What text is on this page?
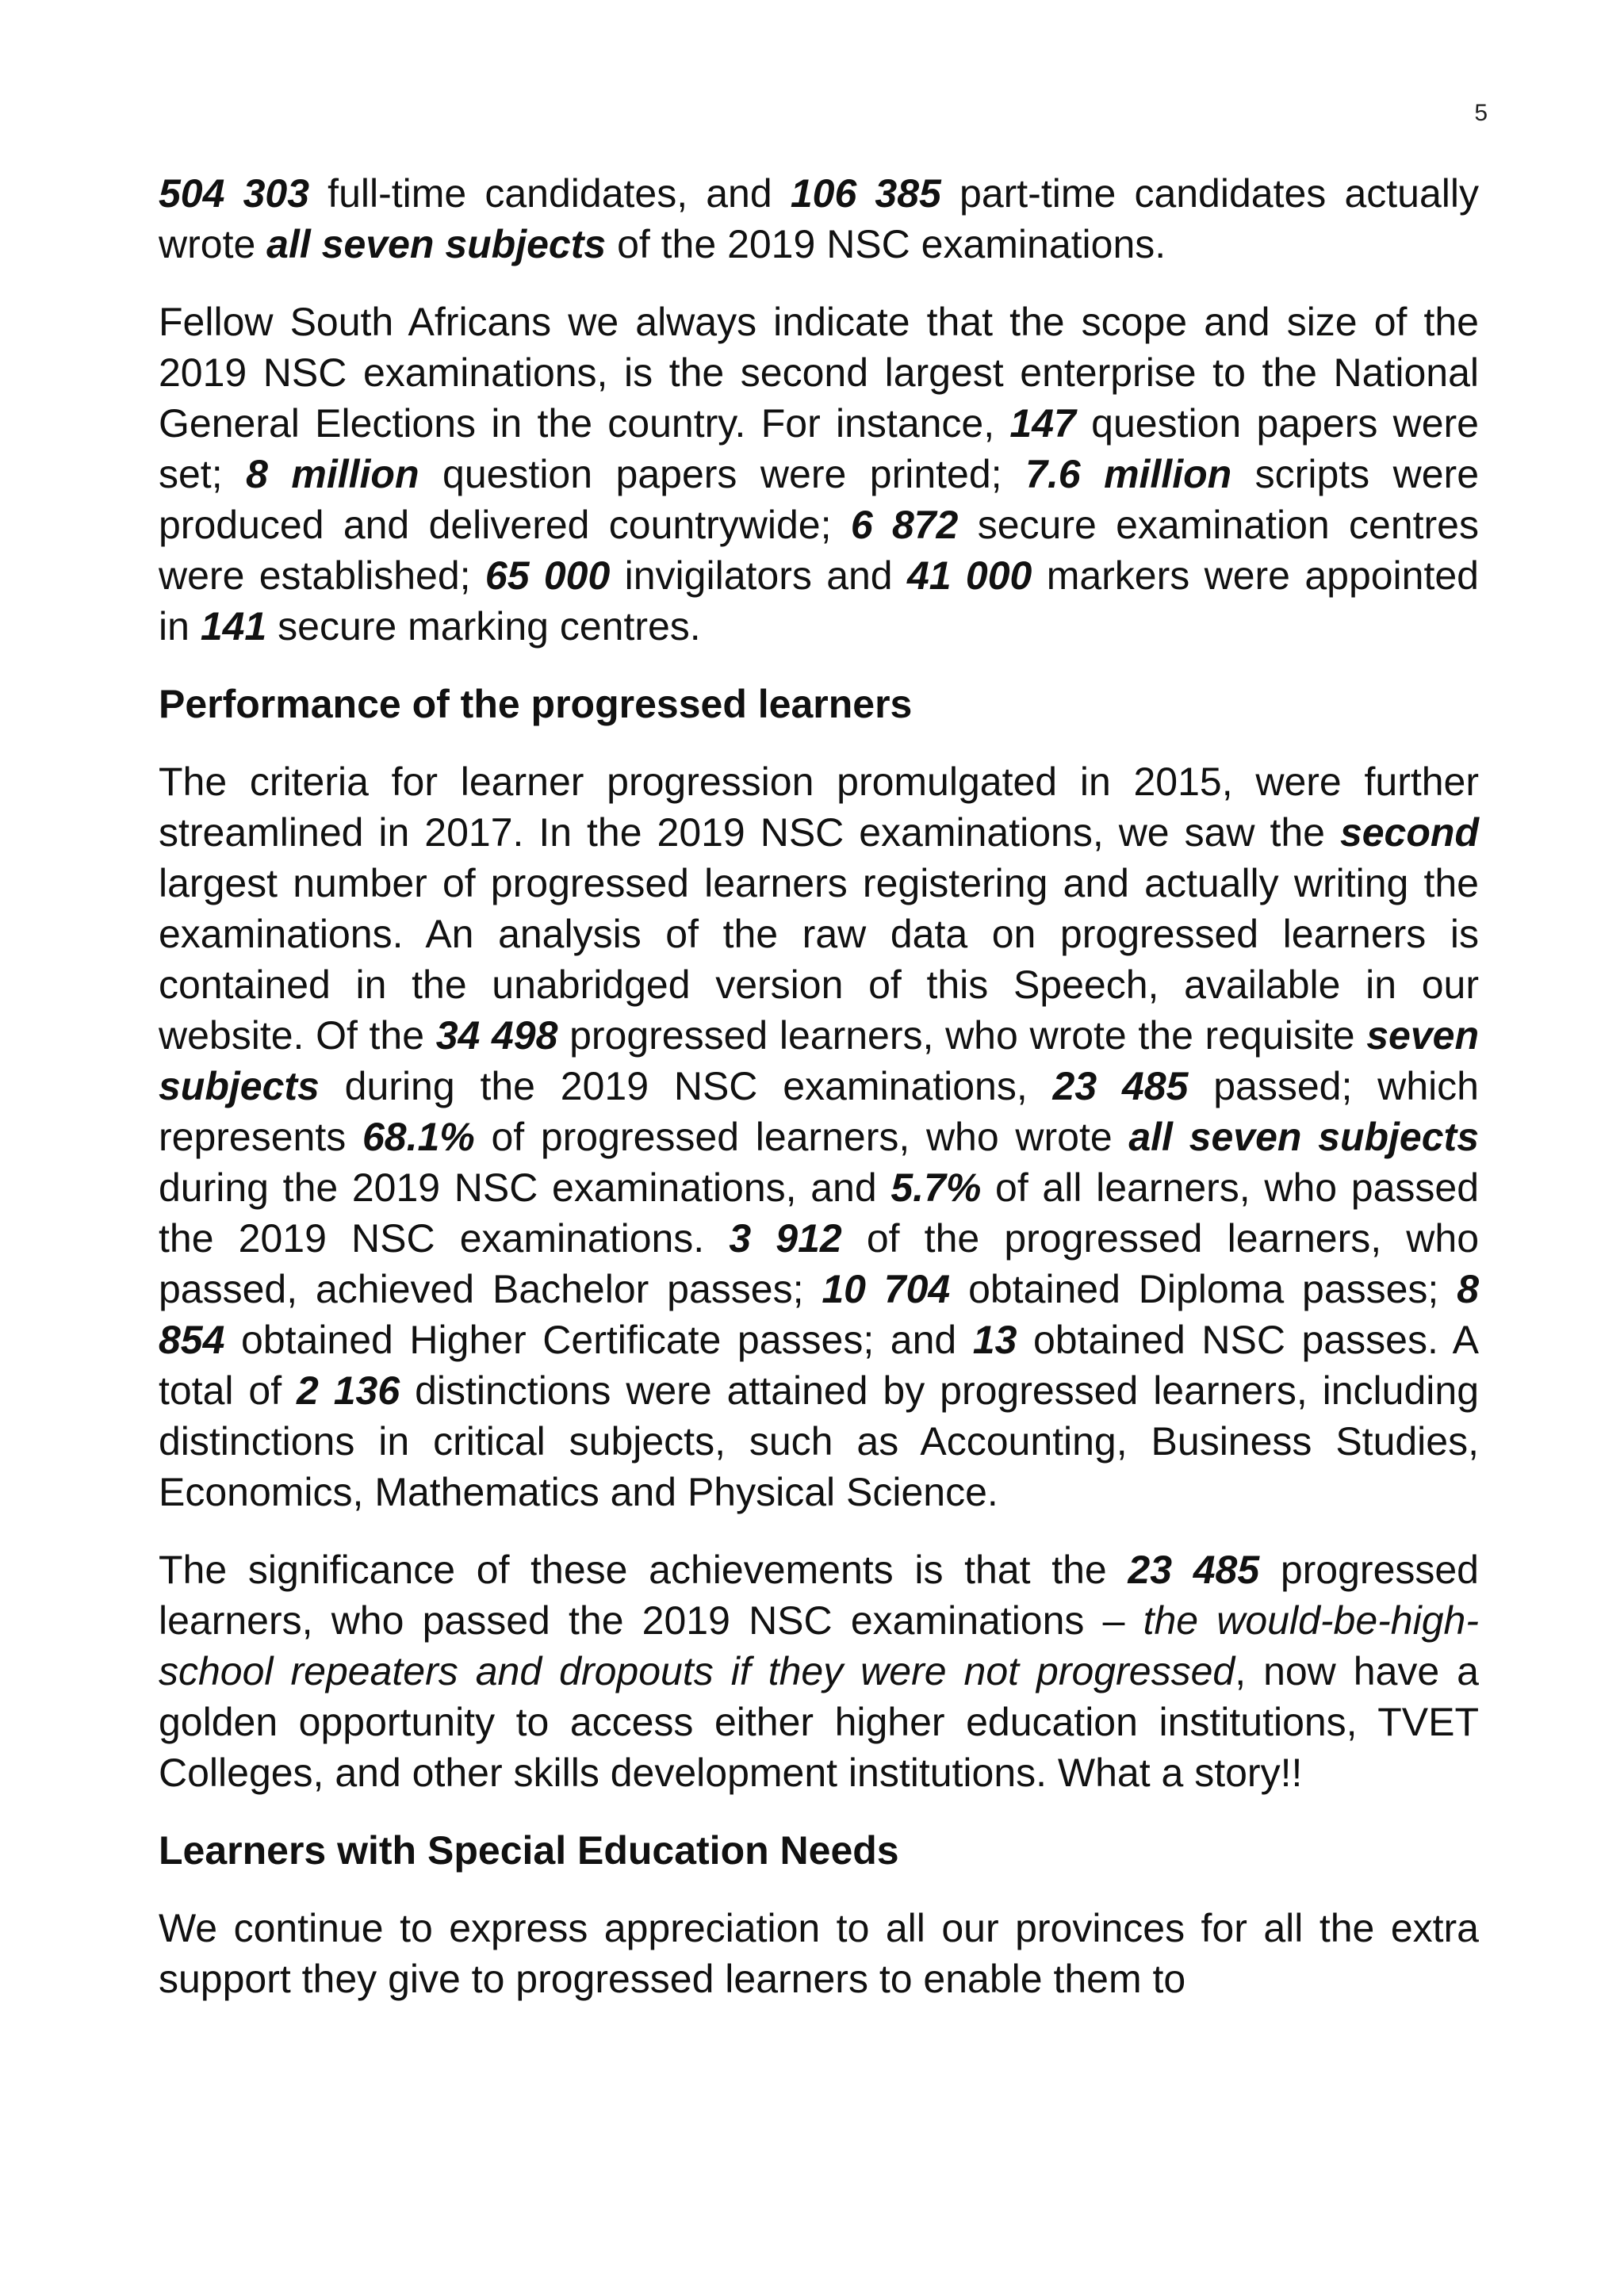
5

504 303 full-time candidates, and 106 385 part-time candidates actually wrote all seven subjects of the 2019 NSC examinations.

Fellow South Africans we always indicate that the scope and size of the 2019 NSC examinations, is the second largest enterprise to the National General Elections in the country. For instance, 147 question papers were set; 8 million question papers were printed; 7.6 million scripts were produced and delivered countrywide; 6 872 secure examination centres were established; 65 000 invigilators and 41 000 markers were appointed in 141 secure marking centres.

Performance of the progressed learners

The criteria for learner progression promulgated in 2015, were further streamlined in 2017. In the 2019 NSC examinations, we saw the second largest number of progressed learners registering and actually writing the examinations. An analysis of the raw data on progressed learners is contained in the unabridged version of this Speech, available in our website. Of the 34 498 progressed learners, who wrote the requisite seven subjects during the 2019 NSC examinations, 23 485 passed; which represents 68.1% of progressed learners, who wrote all seven subjects during the 2019 NSC examinations, and 5.7% of all learners, who passed the 2019 NSC examinations. 3 912 of the progressed learners, who passed, achieved Bachelor passes; 10 704 obtained Diploma passes; 8 854 obtained Higher Certificate passes; and 13 obtained NSC passes. A total of 2 136 distinctions were attained by progressed learners, including distinctions in critical subjects, such as Accounting, Business Studies, Economics, Mathematics and Physical Science.

The significance of these achievements is that the 23 485 progressed learners, who passed the 2019 NSC examinations – the would-be-high-school repeaters and dropouts if they were not progressed, now have a golden opportunity to access either higher education institutions, TVET Colleges, and other skills development institutions. What a story!!

Learners with Special Education Needs

We continue to express appreciation to all our provinces for all the extra support they give to progressed learners to enable them to
